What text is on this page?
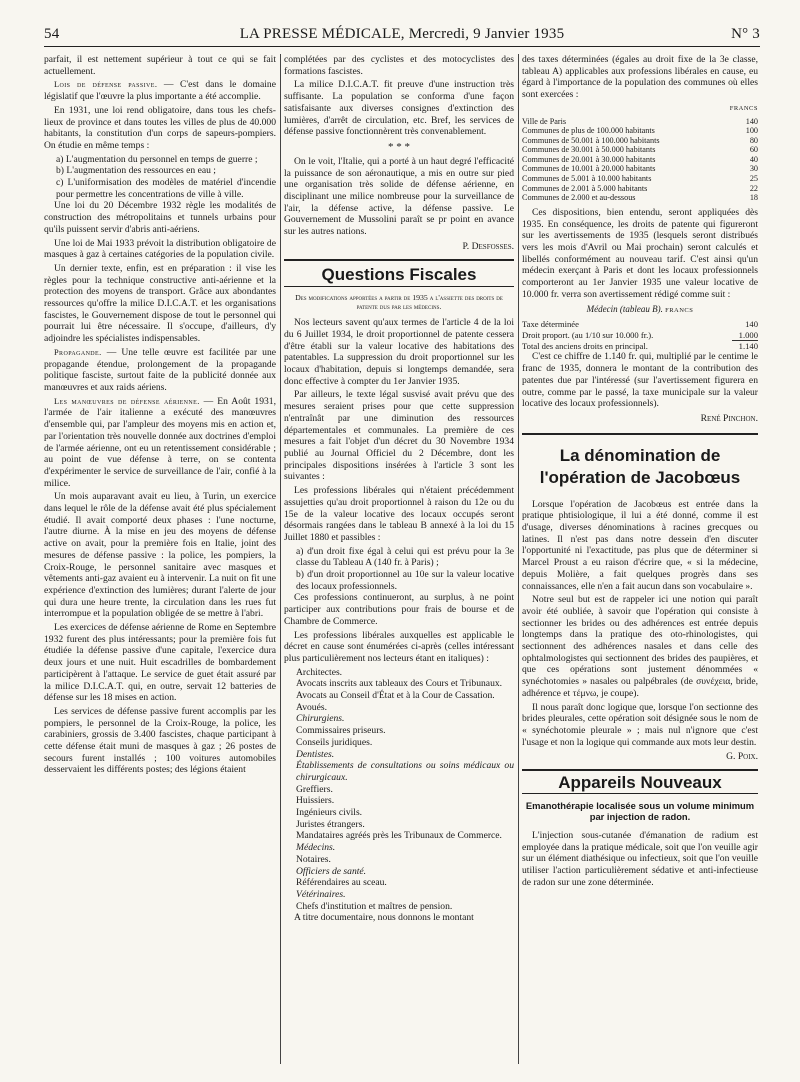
54	LA PRESSE MÉDICALE, Mercredi, 9 Janvier 1935	N° 3

parfait, il est nettement supérieur à tout ce qui se fait actuellement.

Lois de défense passive. — C'est dans le domaine législatif que l'œuvre la plus importante a été accomplie.

En 1931, une loi rend obligatoire, dans tous les chefs-lieux de province et dans toutes les villes de plus de 40.000 habitants, la constitution d'un corps de sapeurs-pompiers. On étudie en même temps :

a) L'augmentation du personnel en temps de guerre ;

b) L'augmentation des ressources en eau ;

c) L'uniformisation des modèles de matériel d'incendie pour permettre les concentrations de ville à ville.

Une loi du 20 Décembre 1932 règle les modalités de construction des métropolitains et tunnels urbains pour qu'ils puissent servir d'abris anti-aériens.

Une loi de Mai 1933 prévoit la distribution obligatoire de masques à gaz à certaines catégories de la population civile.

Un dernier texte, enfin, est en préparation : il vise les règles pour la technique constructive anti-aérienne et la protection des moyens de transport. Grâce aux abondantes ressources qu'offre la milice D.I.C.A.T. et les organisations fascistes, le Gouvernement dispose de tout le personnel qui pourrait lui être nécessaire. Il s'occupe, d'ailleurs, d'y adjoindre les spécialistes indispensables.

Propagande. — Une telle œuvre est facilitée par une propagande étendue, prolongement de la propagande politique fasciste, surtout faite de la publicité donnée aux manœuvres et aux raids aériens.

Les manœuvres de défense aérienne. — En Août 1931, l'armée de l'air italienne a exécuté des manœuvres d'ensemble qui, par l'ampleur des moyens mis en action et, par l'orientation très nouvelle donnée aux doctrines d'emploi de l'armée aérienne, ont eu un retentissement considérable ; au point de vue défense à terre, on se contenta d'expérimenter le service de surveillance de l'air, confié à la milice.

Un mois auparavant avait eu lieu, à Turin, un exercice dans lequel le rôle de la défense avait été plus spécialement étudié. Il avait comporté deux phases : l'une nocturne, l'autre diurne. À la mise en jeu des moyens de défense active on avait, pour la première fois en Italie, joint des mesures de défense passive : la police, les pompiers, la Croix-Rouge, le personnel sanitaire avec masques et vêtements anti-gaz avaient eu à intervenir. La nuit on fit une expérience d'extinction des lumières; durant l'alerte de jour qui dura une heure trente, la circulation dans les rues fut interrompue et la population obligée de se mettre à l'abri.

Les exercices de défense aérienne de Rome en Septembre 1932 furent des plus intéressants; pour la première fois fut étudiée la défense passive d'une capitale, l'exercice dura deux jours et une nuit. Huit escadrilles de bombardement participèrent à l'attaque. Le service de guet était assuré par la milice D.I.C.A.T. qui, en outre, servait 12 batteries de défense sur les 18 mises en action.

Les services de défense passive furent accomplis par les pompiers, le personnel de la Croix-Rouge, la police, les carabiniers, grossis de 3.400 fascistes, chaque participant à cette défense était muni de masques à gaz ; 26 postes de secours furent installés ; 100 voitures automobiles desservaient les différents postes; des légions étaient

complétées par des cyclistes et des motocyclistes des formations fascistes.

La milice D.I.C.A.T. fit preuve d'une instruction très suffisante. La population se conforma d'une façon satisfaisante aux diverses consignes d'extinction des lumières, d'arrêt de circulation, etc. Bref, les services de défense passive fonctionnèrent très convenablement.

* * *

On le voit, l'Italie, qui a porté à un haut degré l'efficacité la puissance de son aéronautique, a mis en outre sur pied une organisation très solide de défense aérienne, en disciplinant une milice nombreuse pour la surveillance de l'air, la défense active, la défense passive. Le Gouvernement de Mussolini paraît se pr point en avance sur les autres nations.

P. Desfosses.
Questions Fiscales
Des modifications apportées a partir de 1935 a l'assiette des droits de patente dus par les médecins.

Nos lecteurs savent qu'aux termes de l'article 4 de la loi du 6 Juillet 1934, le droit proportionnel de patente cessera d'être établi sur la valeur locative des habitations des patentables. La suppression du droit proportionnel sur les locaux d'habitation, depuis si longtemps demandée, sera donc effective à compter du 1er Janvier 1935.

Par ailleurs, le texte légal susvisé avait prévu que des mesures seraient prises pour que cette suppression n'entraînât par une diminution des ressources départementales et communales. La première de ces mesures a fait l'objet d'un décret du 30 Novembre 1934 publié au Journal Officiel du 2 Décembre, dont les principales dispositions insérées à l'article 3 sont les suivantes :

Les professions libérales qui n'étaient précédemment assujetties qu'au droit proportionnel à raison du 12e ou du 15e de la valeur locative des locaux occupés seront désormais rangées dans le tableau B annexé à la loi du 15 Juillet 1880 et passibles :

a) d'un droit fixe égal à celui qui est prévu pour la 3e classe du Tableau A (140 fr. à Paris) ;

b) d'un droit proportionnel au 10e sur la valeur locative des locaux professionnels.

Ces professions continueront, au surplus, à ne point participer aux contributions pour frais de bourse et de Chambre de Commerce.

Les professions libérales auxquelles est applicable le décret en cause sont énumérées ci-après (celles intéressant plus particulièrement nos lecteurs étant en italiques) :

Architectes.

Avocats inscrits aux tableaux des Cours et Tribunaux.

Avocats au Conseil d'État et à la Cour de Cassation.

Avoués.

Chirurgiens.

Commissaires priseurs.

Conseils juridiques.

Dentistes.

Établissements de consultations ou soins médicaux ou chirurgicaux.

Greffiers.

Huissiers.

Ingénieurs civils.

Juristes étrangers.

Mandataires agréés près les Tribunaux de Commerce.

Médecins.

Notaires.

Officiers de santé.

Référendaires au sceau.

Vétérinaires.

Chefs d'institution et maîtres de pension.

A titre documentaire, nous donnons le montant

des taxes déterminées (égales au droit fixe de la 3e classe, tableau A) applicables aux professions libérales en cause, eu égard à l'importance de la population des communes où elles sont exercées :

FRANCS
Ville de Paris	140
Communes de plus de 100.000 habitants	100
Communes de 50.001 à 100.000 habitants	80
Communes de 30.001 à 50.000 habitants	60
Communes de 20.001 à 30.000 habitants	40
Communes de 10.001 à 20.000 habitants	30
Communes de 5.001 à 10.000 habitants	25
Communes de 2.001 à 5.000 habitants	22
Communes de 2.000 et au-dessous	18

Ces dispositions, bien entendu, seront appliquées dès 1935. En conséquence, les droits de patente qui figureront sur les avertissements de 1935 (lesquels seront distribués vers les mois d'Avril ou Mai prochain) seront calculés et libellés conformément au nouveau tarif. C'est ainsi qu'un médecin exerçant à Paris et dont les locaux professionnels comporteront au 1er Janvier 1935 une valeur locative de 10.000 fr. verra son avertissement rédigé comme suit :

Médecin (tableau B). FRANCS
Taxe déterminée	140
Droit proport. (au 1/10 sur 10.000 fr.).	1.000
Total des anciens droits en principal.	1.140

C'est ce chiffre de 1.140 fr. qui, multiplié par le centime le franc de 1935, donnera le montant de la contribution des patentes due par l'intéressé (sur l'avertissement figurera en outre, comme par le passé, la taxe municipale sur la valeur locative des locaux professionnels).

René Pinchon.
La dénomination de l'opération de Jacobœus

Lorsque l'opération de Jacobœus est entrée dans la pratique phtisiologique, il lui a été donné, comme il est d'usage, diverses dénominations à racines grecques ou latines. Il n'est pas dans notre dessein d'en discuter l'opportunité ni l'exactitude, pas plus que de déterminer si Marcel Proust a eu raison d'écrire que, « si la médecine, depuis Molière, a fait quelques progrès dans ses connaissances, elle n'en a fait aucun dans son vocabulaire ».

Notre seul but est de rappeler ici une notion qui paraît avoir été oubliée, à savoir que l'opération qui consiste à sectionner les brides ou des adhérences est entrée depuis longtemps dans la pratique des oto-rhinologistes, qui sectionnent des adhérences nasales et dans celle des ophtalmologistes qui sectionnent des brides des paupières, et que ces opérations sont justement dénommées « synéchotomies » nasales ou palpébrales (de συνέχεια, bride, adhérence et τέμνω, je coupe).

Il nous paraît donc logique que, lorsque l'on sectionne des brides pleurales, cette opération soit désignée sous le nom de « synéchotomie pleurale » ; mais nul n'ignore que c'est l'usage et non la logique qui commande aux mots leur destin.

G. Poix.
Appareils Nouveaux
Emanothérapie localisée sous un volume minimum par injection de radon.

L'injection sous-cutanée d'émanation de radium est employée dans la pratique médicale, soit que l'on veuille agir sur un élément diathésique ou infectieux, soit que l'on veuille utiliser l'action particulièrement sédative et anti-infectieuse de radon sur une zone déterminée.
